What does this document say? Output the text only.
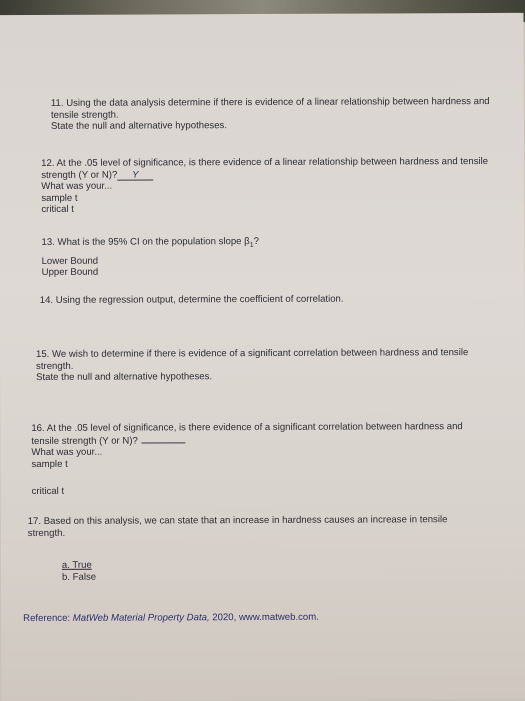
11. Using the data analysis determine if there is evidence of a linear relationship between hardness and
tensile strength.
State the null and alternative hypotheses.
12. At the .05 level of significance, is there evidence of a linear relationship between hardness and tensile
strength (Y or N)? Y
What was your...
sample t
critical t
13. What is the 95% CI on the population slope $\beta_1$?
Lower Bound
Upper Bound
14. Using the regression output, determine the coefficient of correlation.
15. We wish to determine if there is evidence of a significant correlation between hardness and tensile
strength.
State the null and alternative hypotheses.
16. At the .05 level of significance, is there evidence of a significant correlation between hardness and
tensile strength (Y or N)?
What was your...
sample t
critical t
17. Based on this analysis, we can state that an increase in hardness causes an increase in tensile
strength.
a. True
b. False
Reference: MatWeb Material Property Data, 2020, www.matweb.com.
